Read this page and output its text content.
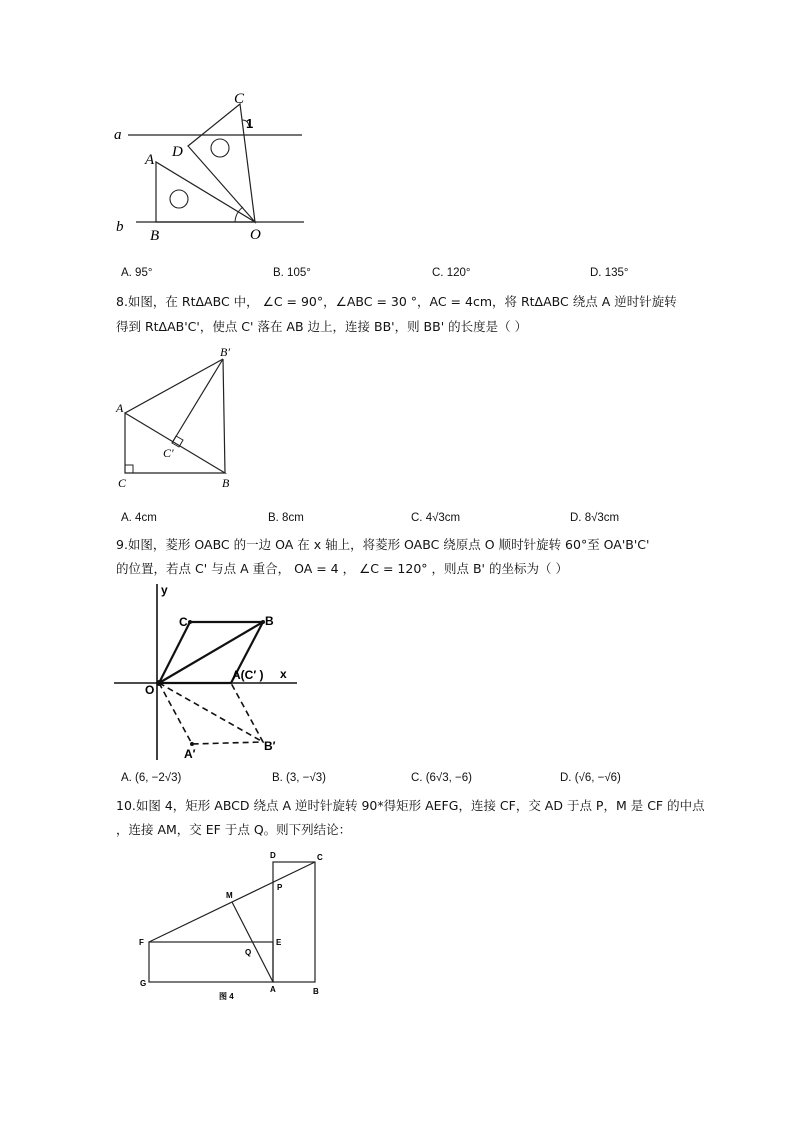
a
b
C
D
A
B	O
1
A. 95°	B. 105°	C. 120°	D. 135°
8.如图，在 RtΔABC 中， ∠C = 90°，∠ABC = 30 °，AC = 4cm，将 RtΔABC 绕点 A 逆时针旋转
得到 RtΔAB'C'，使点 C' 落在 AB 边上，连接 BB'，则 BB' 的长度是（ ）
A
C	B
B'
C'
A. 4cm	B. 8cm	C. 4√3cm	D. 8√3cm
9.如图，菱形 OABC 的一边 OA 在 x 轴上，将菱形 OABC 绕原点 O 顺时针旋转 60°至 OA'B'C'
的位置，若点 C' 与点 A 重合， OA = 4 ， ∠C = 120° ，则点 B' 的坐标为（ ）
y
x
C	B
O
A(C′ )
A′
B′
A. (6, −2√3)	B. (3, −√3)	C. (6√3, −6)	D. (√6, −√6)
10.如图 4，矩形 ABCD 绕点 A 逆时针旋转 90*得矩形 AEFG，连接 CF，交 AD 于点 P，M 是 CF 的中点
，连接 AM，交 EF 于点 Q。则下列结论：
D	C
M
P
F
Q
E
G
A	B
图 4
